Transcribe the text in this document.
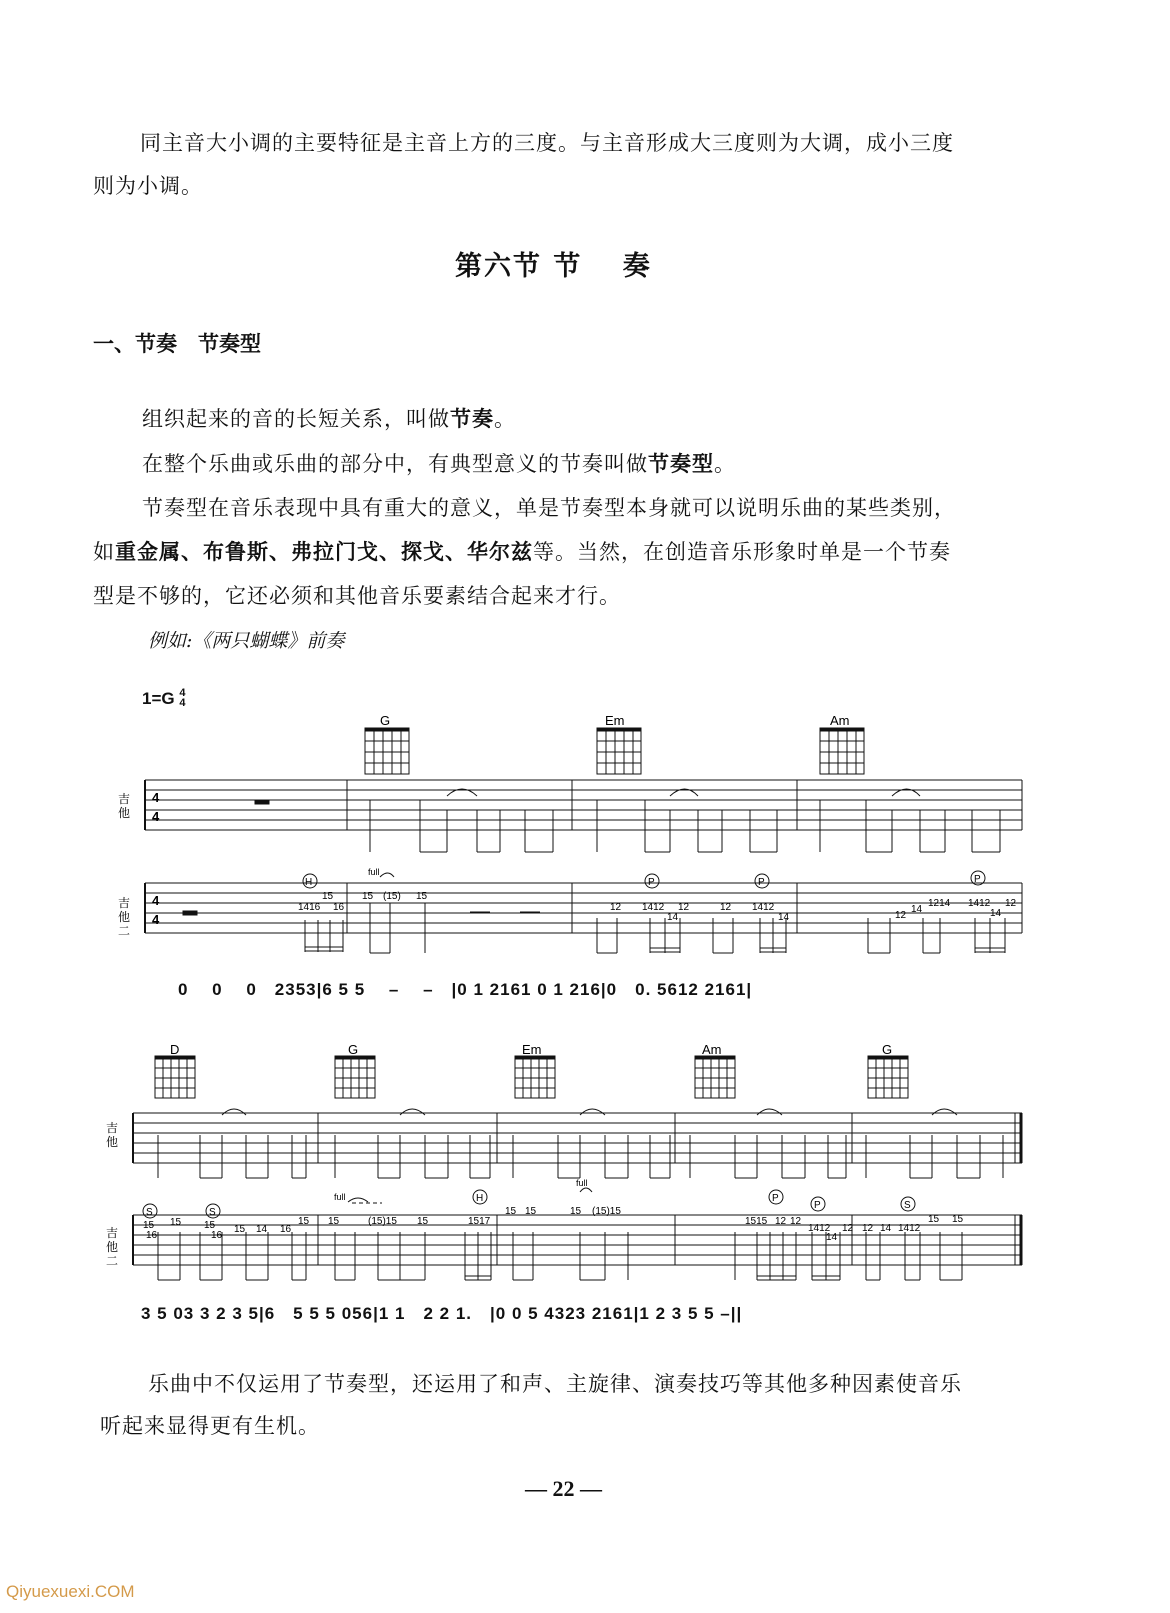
同主音大小调的主要特征是主音上方的三度。与主音形成大三度则为大调，成小三度
则为小调。
第六节 节　 奏
一、节奏　节奏型
组织起来的音的长短关系，叫做节奏。
在整个乐曲或乐曲的部分中，有典型意义的节奏叫做节奏型。
节奏型在音乐表现中具有重大的意义，单是节奏型本身就可以说明乐曲的某些类别，
如重金属、布鲁斯、弗拉门戈、探戈、华尔兹等。当然，在创造音乐形象时单是一个节奏
型是不够的，它还必须和其他音乐要素结合起来才行。
例如:《两只蝴蝶》前奏
1=G 4
4
G	Em	Am
吉
他
吉
他
二
4
4
4
4
H	P	P	P
full
1416
15
16
15 (15) 15
12 1412
14
12	12 1412
14	12
14
1214 1412
14
12
0　 0　 0　2353|6 5 5　 –　 –　|0 1 2161 0 1 216|0　0. 5612 2161|
D	G	Em	Am	G
吉
他
吉
他
二
S	S
H	P
P	S
full
full
15 15
16
15
16
15 14 16
15 15	(15)15 15	1517
15 15	15 (15)15
1515 12 12
1412
14
12 12 14 1412
15 15
3 5 03 3 2 3 5|6　5 5 5 056|1 1　2 2 1.　|0 0 5 4323 2161|1 2 3 5 5 –||
乐曲中不仅运用了节奏型，还运用了和声、主旋律、演奏技巧等其他多种因素使音乐
听起来显得更有生机。
— 22 —
Qiyuexuexi.COM
